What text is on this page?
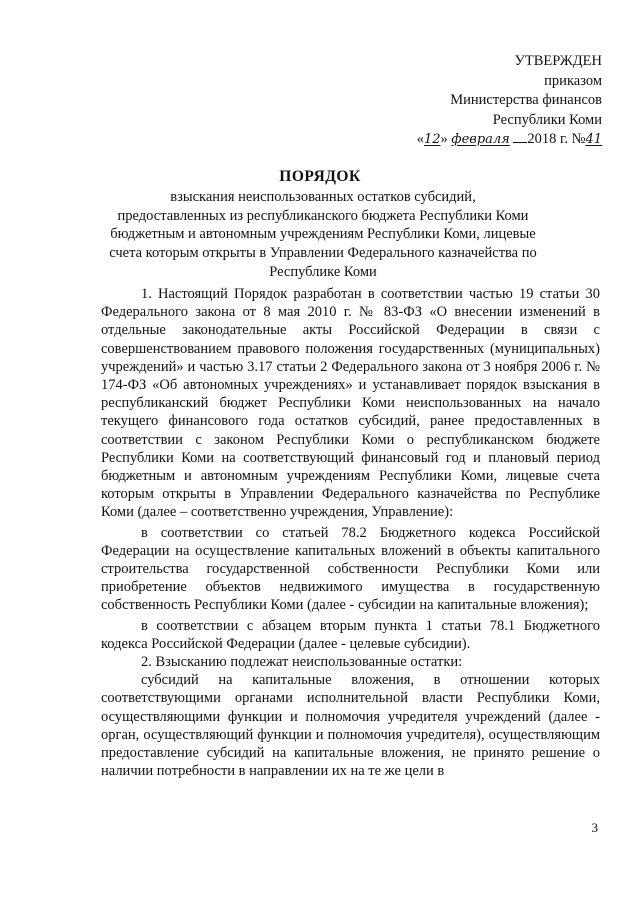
УТВЕРЖДЕН
приказом
Министерства финансов
Республики Коми
«12» февраля 2018 г. №41
ПОРЯДОК
взыскания неиспользованных остатков субсидий,
предоставленных из республиканского бюджета Республики Коми
бюджетным и автономным учреждениям Республики Коми, лицевые
счета которым открыты в Управлении Федерального казначейства по
Республике Коми

1. Настоящий Порядок разработан в соответствии частью 19 статьи 30 Федерального закона от 8 мая 2010 г. № 83-ФЗ «О внесении изменений в отдельные законодательные акты Российской Федерации в связи с совершенствованием правового положения государственных (муниципальных) учреждений» и частью 3.17 статьи 2 Федерального закона от 3 ноября 2006 г. № 174-ФЗ «Об автономных учреждениях» и устанавливает порядок взыскания в республиканский бюджет Республики Коми неиспользованных на начало текущего финансового года остатков субсидий, ранее предоставленных в соответствии с законом Республики Коми о республиканском бюджете Республики Коми на соответствующий финансовый год и плановый период бюджетным и автономным учреждениям Республики Коми, лицевые счета которым открыты в Управлении Федерального казначейства по Республике Коми (далее – соответственно учреждения, Управление):

в соответствии со статьей 78.2 Бюджетного кодекса Российской Федерации на осуществление капитальных вложений в объекты капитального строительства государственной собственности Республики Коми или приобретение объектов недвижимого имущества в государственную собственность Республики Коми (далее - субсидии на капитальные вложения);

в соответствии с абзацем вторым пункта 1 статьи 78.1 Бюджетного кодекса Российской Федерации (далее - целевые субсидии).

2. Взысканию подлежат неиспользованные остатки:

субсидий на капитальные вложения, в отношении которых соответствующими органами исполнительной власти Республики Коми, осуществляющими функции и полномочия учредителя учреждений (далее - орган, осуществляющий функции и полномочия учредителя), осуществляющим предоставление субсидий на капитальные вложения, не принято решение о наличии потребности в направлении их на те же цели в

3
